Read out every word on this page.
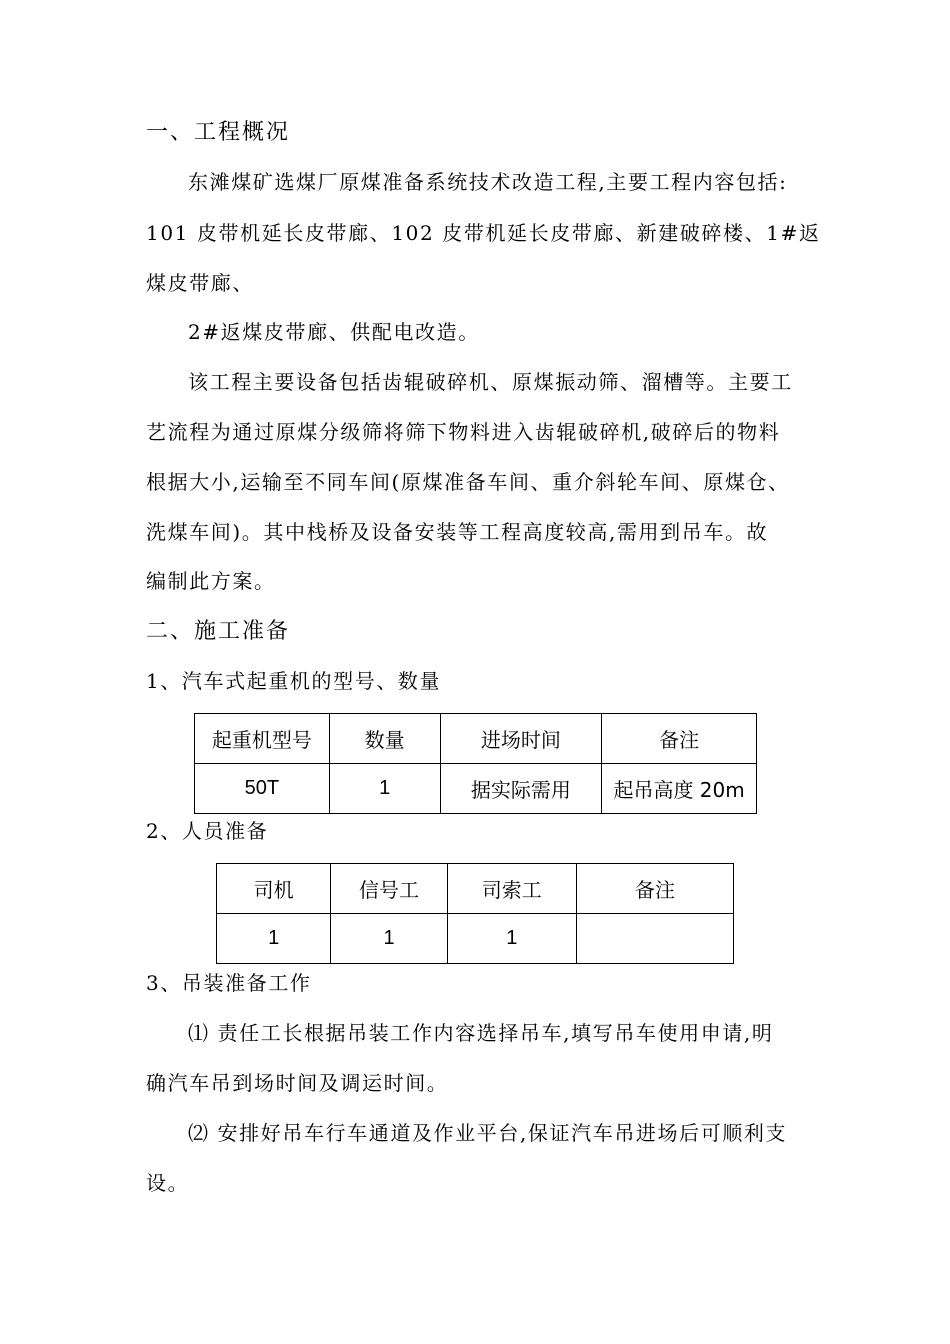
一、工程概况
东滩煤矿选煤厂原煤准备系统技术改造工程,主要工程内容包括:
101 皮带机延长皮带廊、102 皮带机延长皮带廊、新建破碎楼、1#返
煤皮带廊、
2#返煤皮带廊、供配电改造。
该工程主要设备包括齿辊破碎机、原煤振动筛、溜槽等。主要工
艺流程为通过原煤分级筛将筛下物料进入齿辊破碎机,破碎后的物料
根据大小,运输至不同车间(原煤准备车间、重介斜轮车间、原煤仓、
洗煤车间)。其中栈桥及设备安装等工程高度较高,需用到吊车。故
编制此方案。
二、施工准备
1、汽车式起重机的型号、数量
起重机型号	数量	进场时间	备注
50T	1	据实际需用	起吊高度 20m
2、人员准备
司机	信号工	司索工	备注
1	1	1	
3、吊装准备工作
⑴ 责任工长根据吊装工作内容选择吊车,填写吊车使用申请,明
确汽车吊到场时间及调运时间。
⑵ 安排好吊车行车通道及作业平台,保证汽车吊进场后可顺利支
设。
